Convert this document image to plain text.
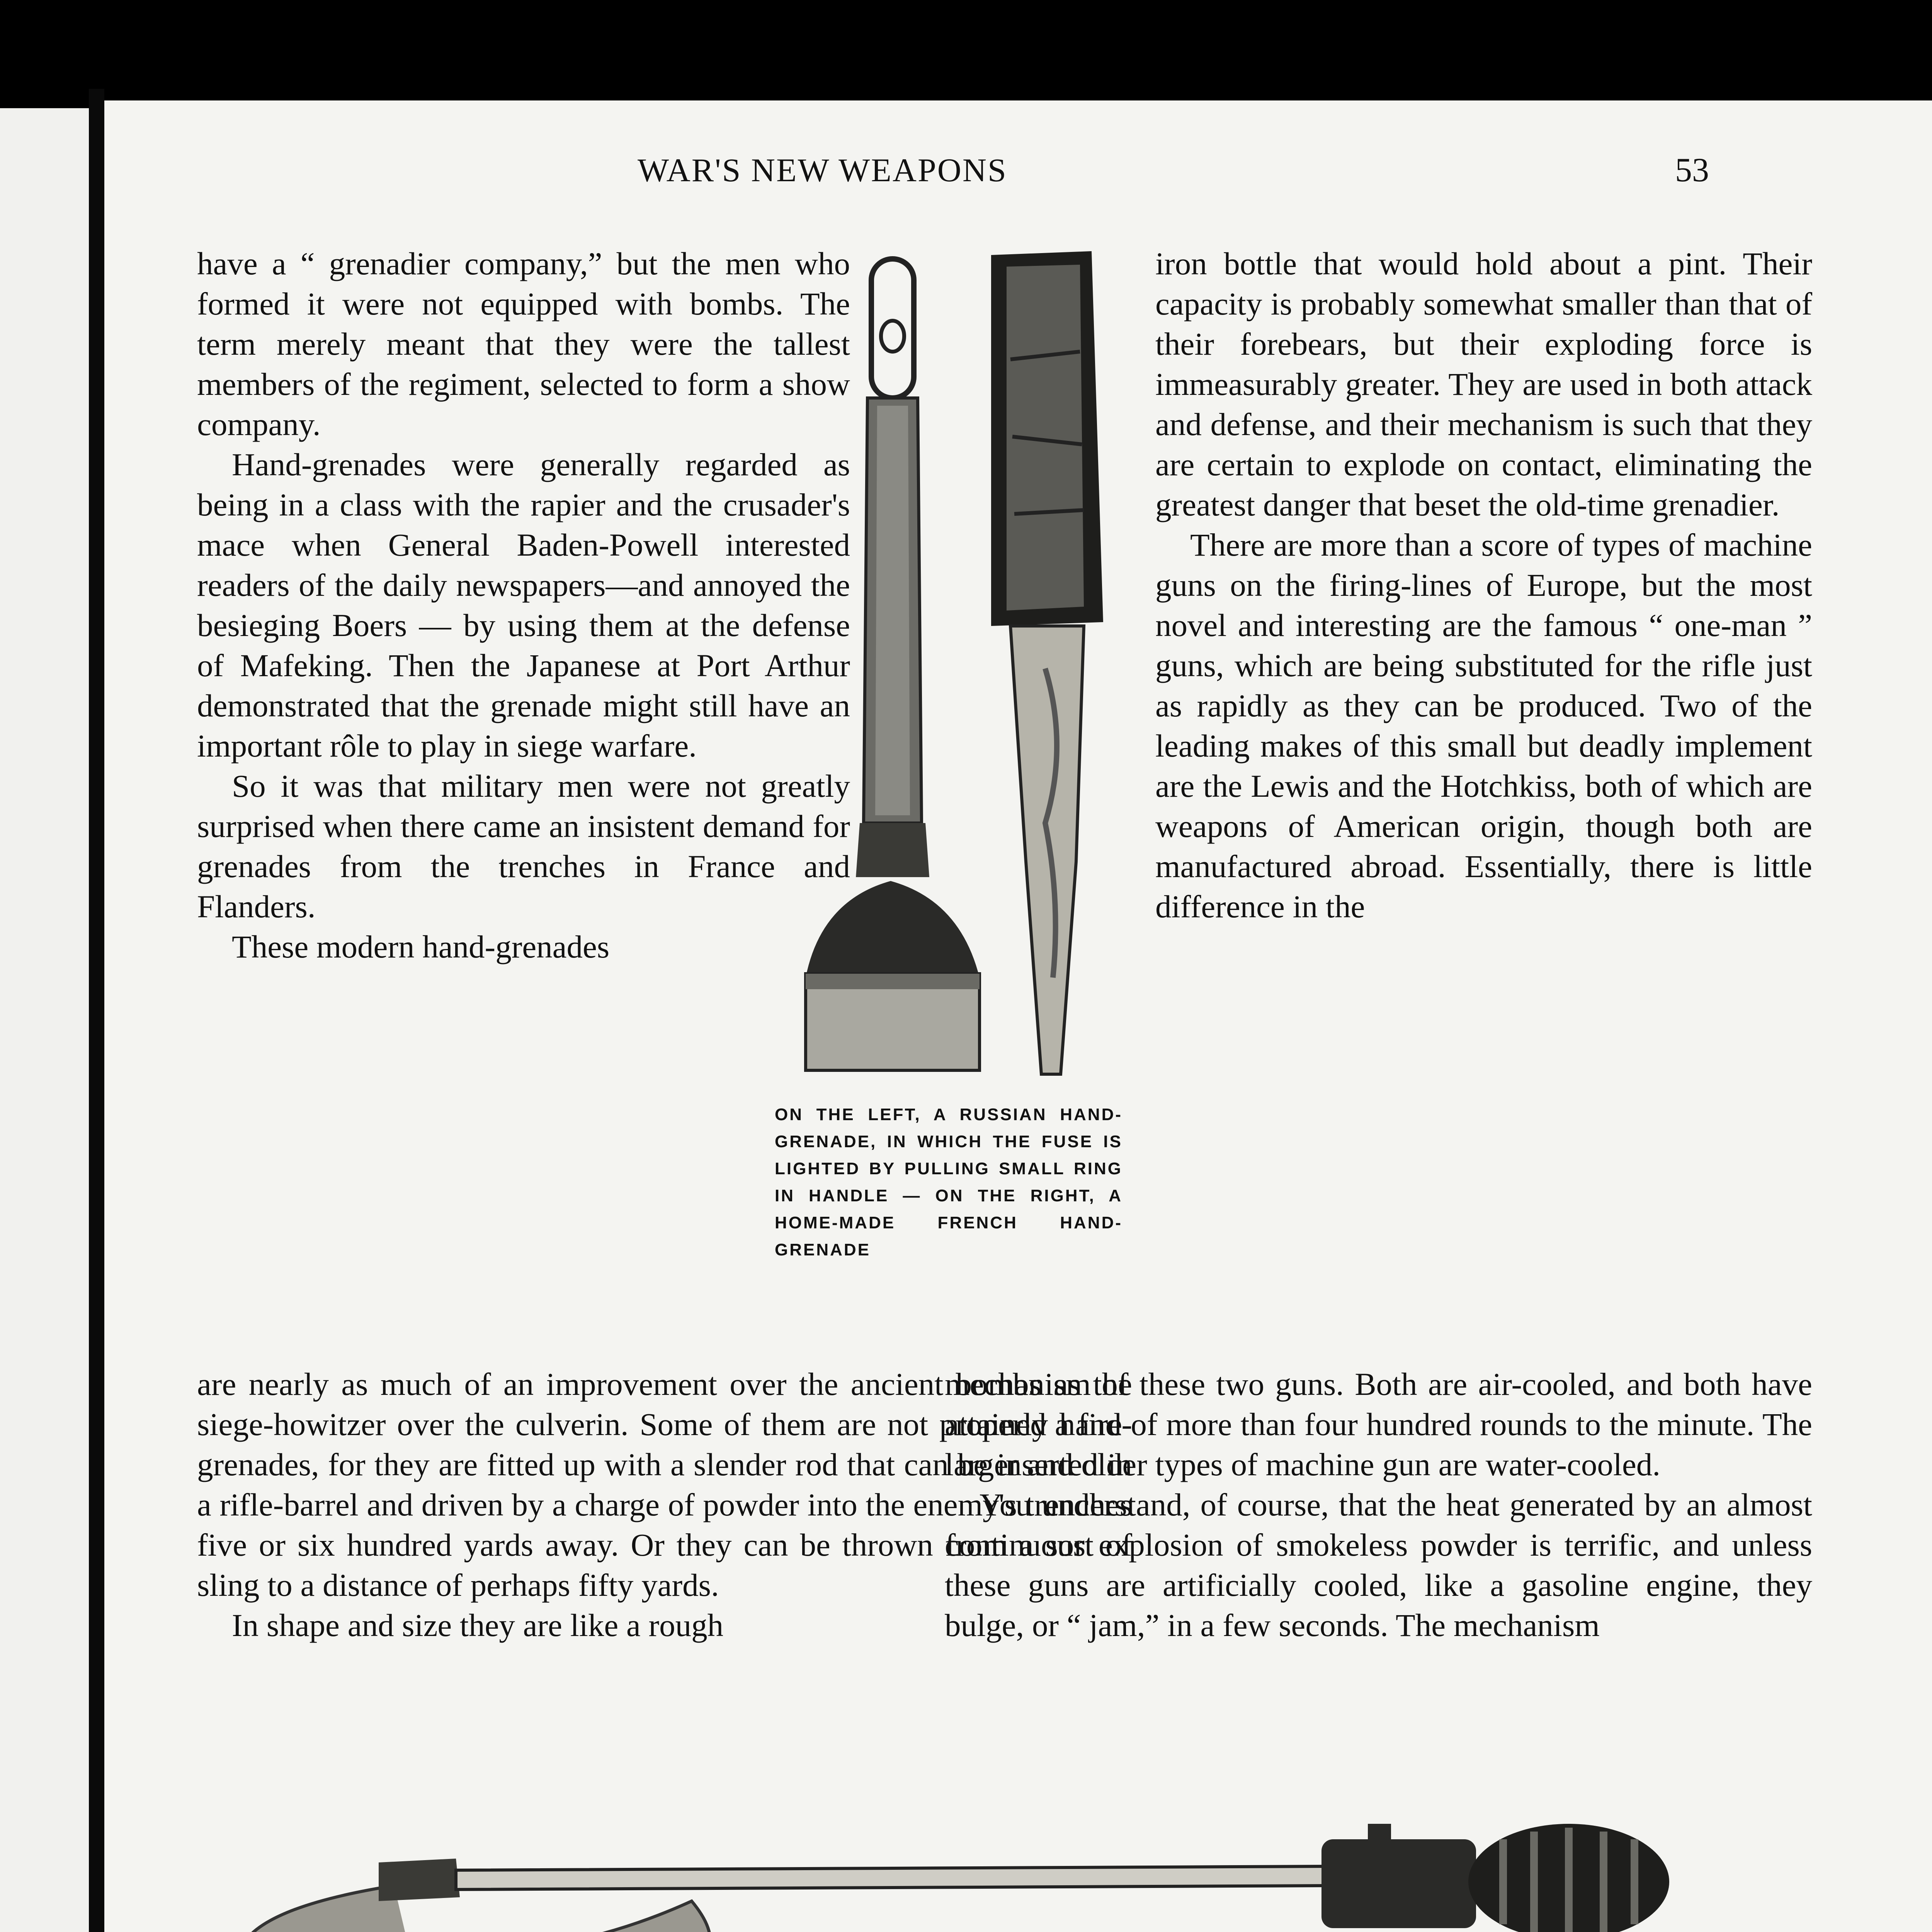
WAR'S NEW WEAPONS	53

have a “ grenadier company,” but the men who formed it were not equipped with bombs. The term merely meant that they were the tallest members of the regiment, selected to form a show company.

Hand-grenades were generally regarded as being in a class with the rapier and the crusader's mace when General Baden-Powell interested readers of the daily newspapers—and annoyed the besieging Boers — by using them at the defense of Mafeking. Then the Japanese at Port Arthur demonstrated that the grenade might still have an important rôle to play in siege warfare.

So it was that military men were not greatly surprised when there came an insistent demand for grenades from the trenches in France and Flanders.

These modern hand-grenades

iron bottle that would hold about a pint. Their capacity is probably somewhat smaller than that of their forebears, but their exploding force is immeasurably greater. They are used in both attack and defense, and their mechanism is such that they are certain to explode on contact, eliminating the greatest danger that beset the old-time grenadier.

There are more than a score of types of machine guns on the firing-lines of Europe, but the most novel and interesting are the famous “ one-man ” guns, which are being substituted for the rifle just as rapidly as they can be produced. Two of the leading makes of this small but deadly implement are the Lewis and the Hotchkiss, both of which are weapons of American origin, though both are manufactured abroad. Essentially, there is little difference in the

are nearly as much of an improvement over the ancient bombs as the siege-howitzer over the culverin. Some of them are not properly hand-grenades, for they are fitted up with a slender rod that can be inserted in a rifle-barrel and driven by a charge of powder into the enemy's trenches five or six hundred yards away. Or they can be thrown from a sort of sling to a distance of perhaps fifty yards.

In shape and size they are like a rough

mechanism of these two guns. Both are air-cooled, and both have attained a fire of more than four hundred rounds to the minute. The larger and older types of machine gun are water-cooled.

You understand, of course, that the heat generated by an almost continuous explosion of smokeless powder is terrific, and unless these guns are artificially cooled, like a gasoline engine, they bulge, or “ jam,” in a few seconds. The mechanism

ON THE LEFT, A RUSSIAN HAND-GRENADE, IN WHICH THE FUSE IS LIGHTED BY PULLING SMALL RING IN HANDLE — ON THE RIGHT, A HOME-MADE FRENCH HAND-GRENADE
